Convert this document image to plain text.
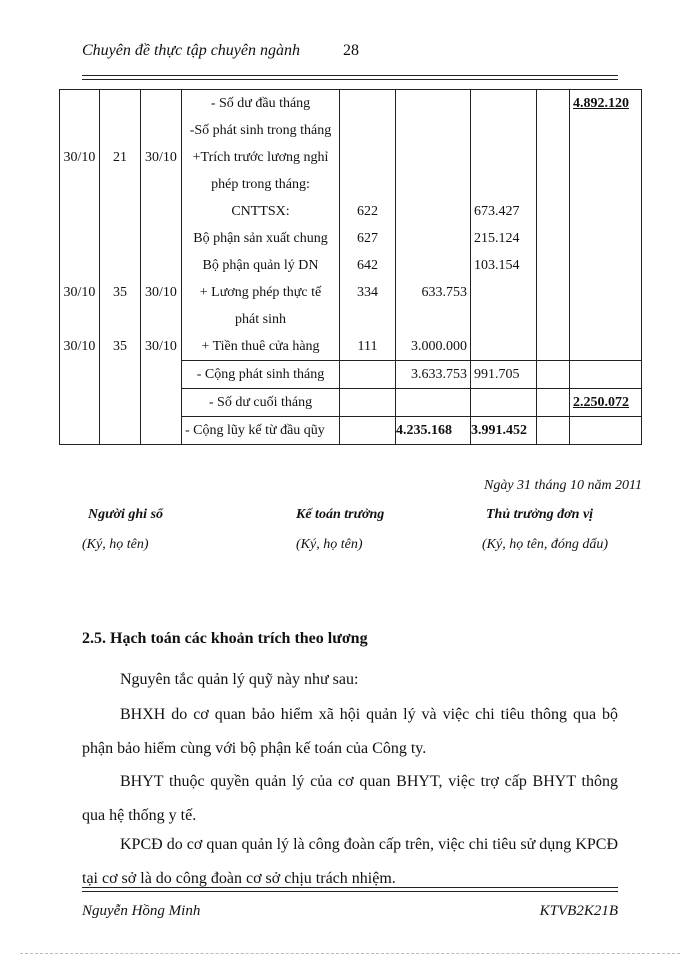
Chuyên đề thực tập chuyên ngành	28
			- Số dư đầu tháng					4.892.120
			-Số phát sinh trong tháng					
30/10	21	30/10	+Trích trước lương nghỉ					
			phép trong tháng:					
			CNTTSX:	622		673.427		
			Bộ phận sản xuất chung	627		215.124		
			Bộ phận quản lý DN	642		103.154		
30/10	35	30/10	+ Lương phép thực tế	334	633.753			
			phát sinh					
30/10	35	30/10	+ Tiền thuê cửa hàng	111	3.000.000			
			- Cộng phát sinh tháng		3.633.753	991.705		
			- Số dư cuối tháng					2.250.072
			- Cộng lũy kế từ đầu qũy		4.235.168	3.991.452		
Ngày 31 tháng 10 năm 2011
Người ghi sổ	Kế toán trưởng	Thủ trưởng đơn vị
(Ký, họ tên)	(Ký, họ tên)	(Ký, họ tên, đóng dấu)
2.5. Hạch toán các khoản trích theo lương
Nguyên tắc quản lý quỹ này như sau:
BHXH do cơ quan bảo hiểm xã hội quản lý và việc chi tiêu thông qua bộ phận bảo hiểm cùng với bộ phận kế toán của Công ty.
BHYT thuộc quyền quản lý của cơ quan BHYT, việc trợ cấp BHYT thông qua hệ thống y tế.
KPCĐ do cơ quan quản lý là công đoàn cấp trên, việc chi tiêu sử dụng KPCĐ tại cơ sở là do công đoàn cơ sở chịu trách nhiệm.
Nguyễn Hồng Minh	KTVB2K21B
